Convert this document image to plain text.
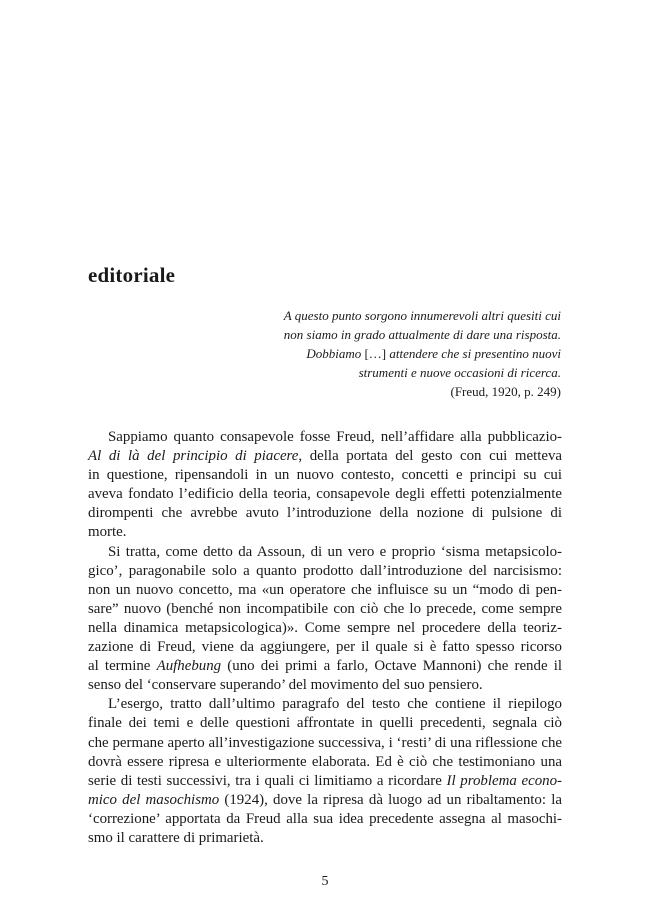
editoriale
A questo punto sorgono innumerevoli altri quesiti cui
non siamo in grado attualmente di dare una risposta.
Dobbiamo […] attendere che si presentino nuovi
strumenti e nuove occasioni di ricerca.
(Freud, 1920, p. 249)
Sappiamo quanto consapevole fosse Freud, nell’affidare alla pubblicazio-
Al di là del principio di piacere, della portata del gesto con cui metteva
in questione, ripensandoli in un nuovo contesto, concetti e principi su cui
aveva fondato l’edificio della teoria, consapevole degli effetti potenzialmente
dirompenti che avrebbe avuto l’introduzione della nozione di pulsione di
morte.
Si tratta, come detto da Assoun, di un vero e proprio ‘sisma metapsicolo-
gico’, paragonabile solo a quanto prodotto dall’introduzione del narcisismo:
non un nuovo concetto, ma «un operatore che influisce su un “modo di pen-
sare” nuovo (benché non incompatibile con ciò che lo precede, come sempre
nella dinamica metapsicologica)». Come sempre nel procedere della teoriz-
zazione di Freud, viene da aggiungere, per il quale si è fatto spesso ricorso
al termine Aufhebung (uno dei primi a farlo, Octave Mannoni) che rende il
senso del ‘conservare superando’ del movimento del suo pensiero.
L’esergo, tratto dall’ultimo paragrafo del testo che contiene il riepilogo
finale dei temi e delle questioni affrontate in quelli precedenti, segnala ciò
che permane aperto all’investigazione successiva, i ‘resti’ di una riflessione che
dovrà essere ripresa e ulteriormente elaborata. Ed è ciò che testimoniano una
serie di testi successivi, tra i quali ci limitiamo a ricordare Il problema econo-
mico del masochismo (1924), dove la ripresa dà luogo ad un ribaltamento: la
‘correzione’ apportata da Freud alla sua idea precedente assegna al masochi-
smo il carattere di primarietà.
5
